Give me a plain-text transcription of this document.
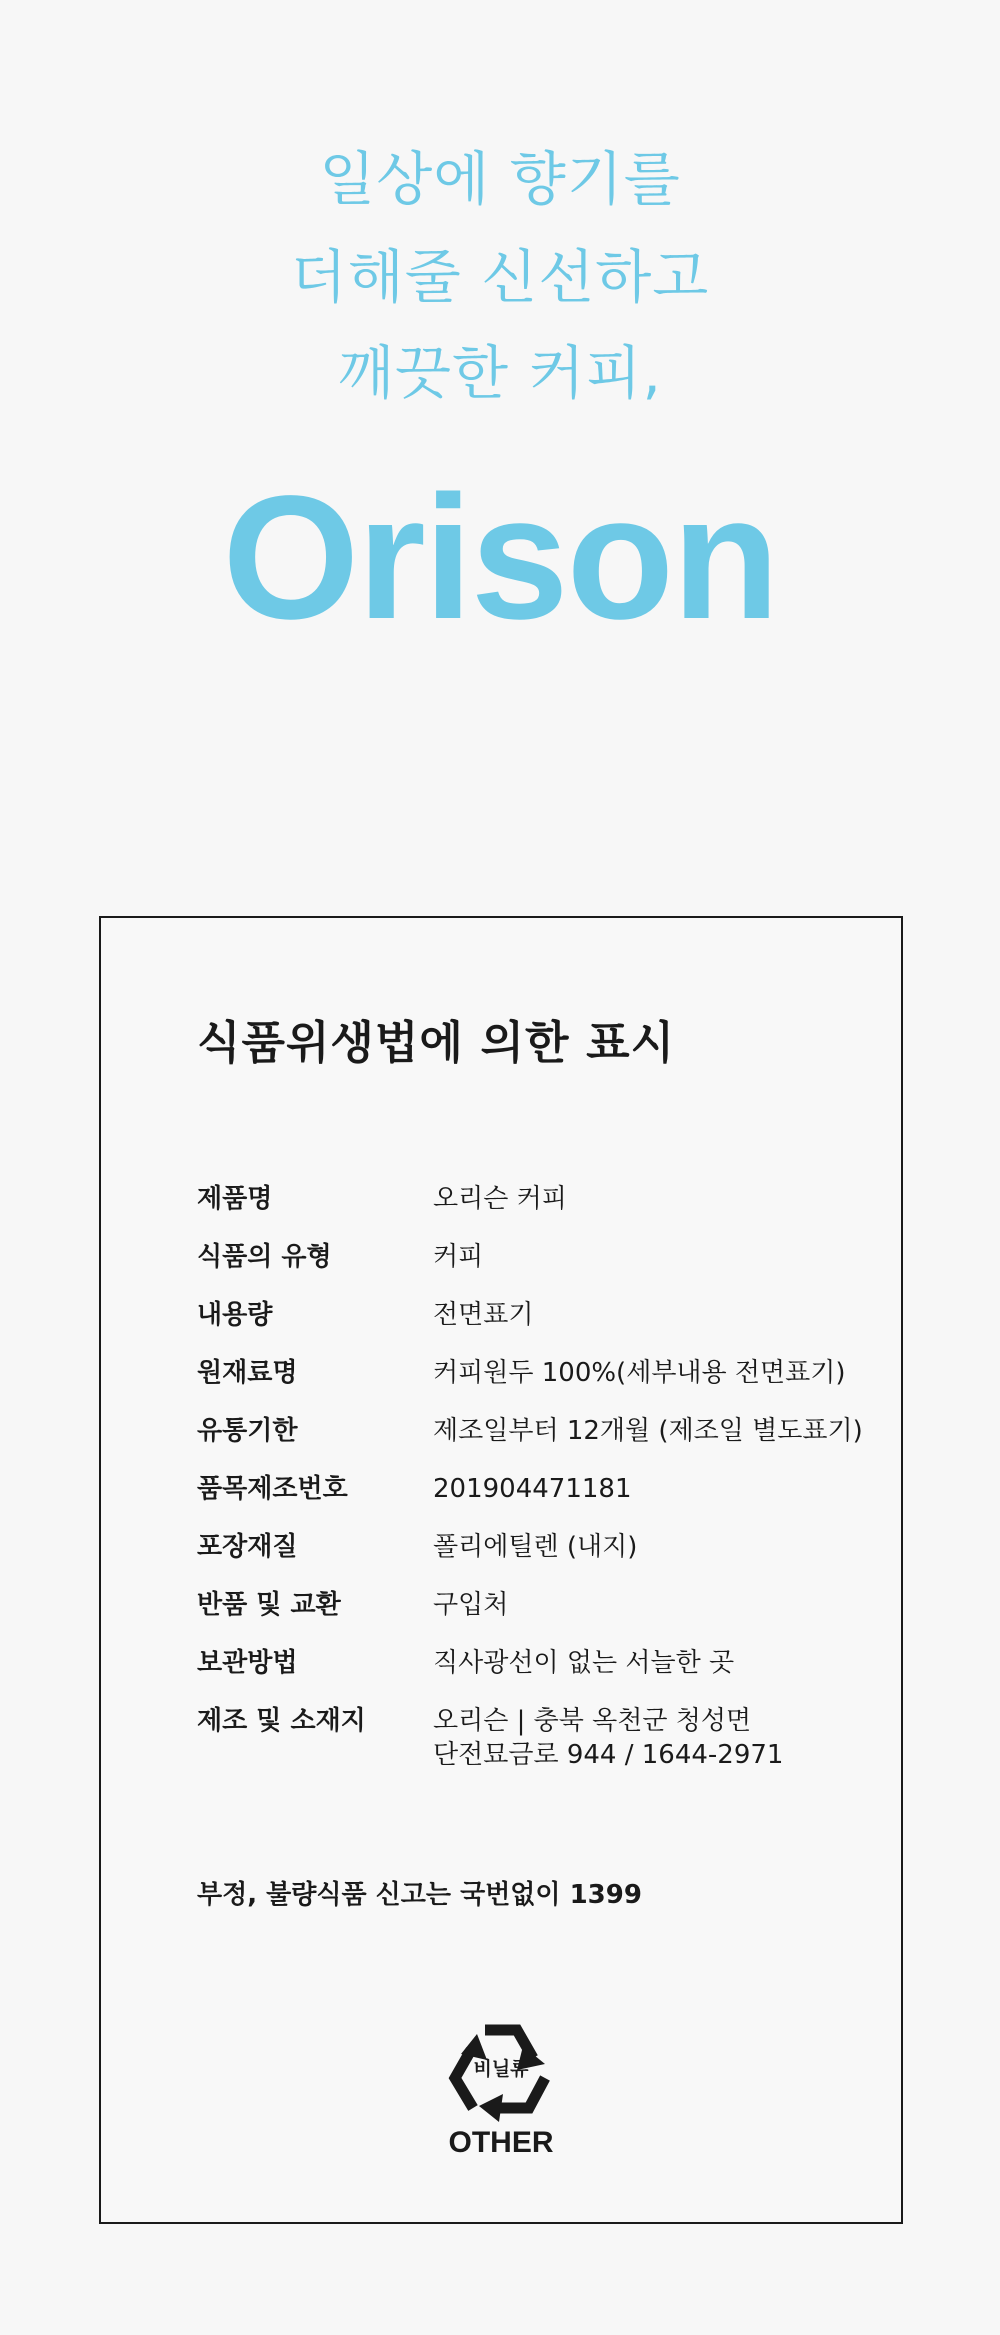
일상에 향기를
더해줄 신선하고
깨끗한 커피,
Orison
식품위생법에 의한 표시
제품명	오리슨 커피
식품의 유형	커피
내용량	전면표기
원재료명	커피원두 100%(세부내용 전면표기)
유통기한	제조일부터 12개월 (제조일 별도표기)
품목제조번호	201904471181
포장재질	폴리에틸렌 (내지)
반품 및 교환	구입처
보관방법	직사광선이 없는 서늘한 곳
제조 및 소재지	오리슨 | 충북 옥천군 청성면
단전묘금로 944 / 1644-2971
부정, 불량식품 신고는 국번없이 1399
비닐류
OTHER
